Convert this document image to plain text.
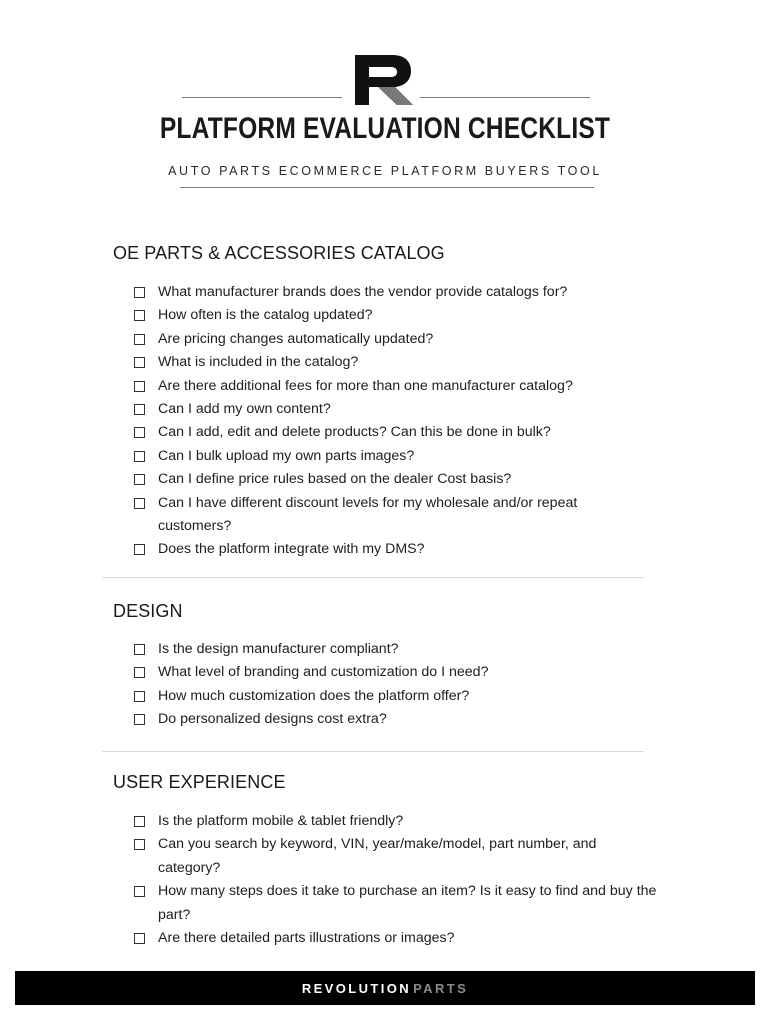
PLATFORM EVALUATION CHECKLIST
AUTO PARTS ECOMMERCE PLATFORM BUYERS TOOL
OE PARTS & ACCESSORIES CATALOG
What manufacturer brands does the vendor provide catalogs for?
How often is the catalog updated?
Are pricing changes automatically updated?
What is included in the catalog?
Are there additional fees for more than one manufacturer catalog?
Can I add my own content?
Can I add, edit and delete products? Can this be done in bulk?
Can I bulk upload my own parts images?
Can I define price rules based on the dealer Cost basis?
Can I have different discount levels for my wholesale and/or repeat customers?
Does the platform integrate with my DMS?
DESIGN
Is the design manufacturer compliant?
What level of branding and customization do I need?
How much customization does the platform offer?
Do personalized designs cost extra?
USER EXPERIENCE
Is the platform mobile & tablet friendly?
Can you search by keyword, VIN, year/make/model, part number, and category?
How many steps does it take to purchase an item? Is it easy to find and buy the part?
Are there detailed parts illustrations or images?
REVOLUTION PARTS
